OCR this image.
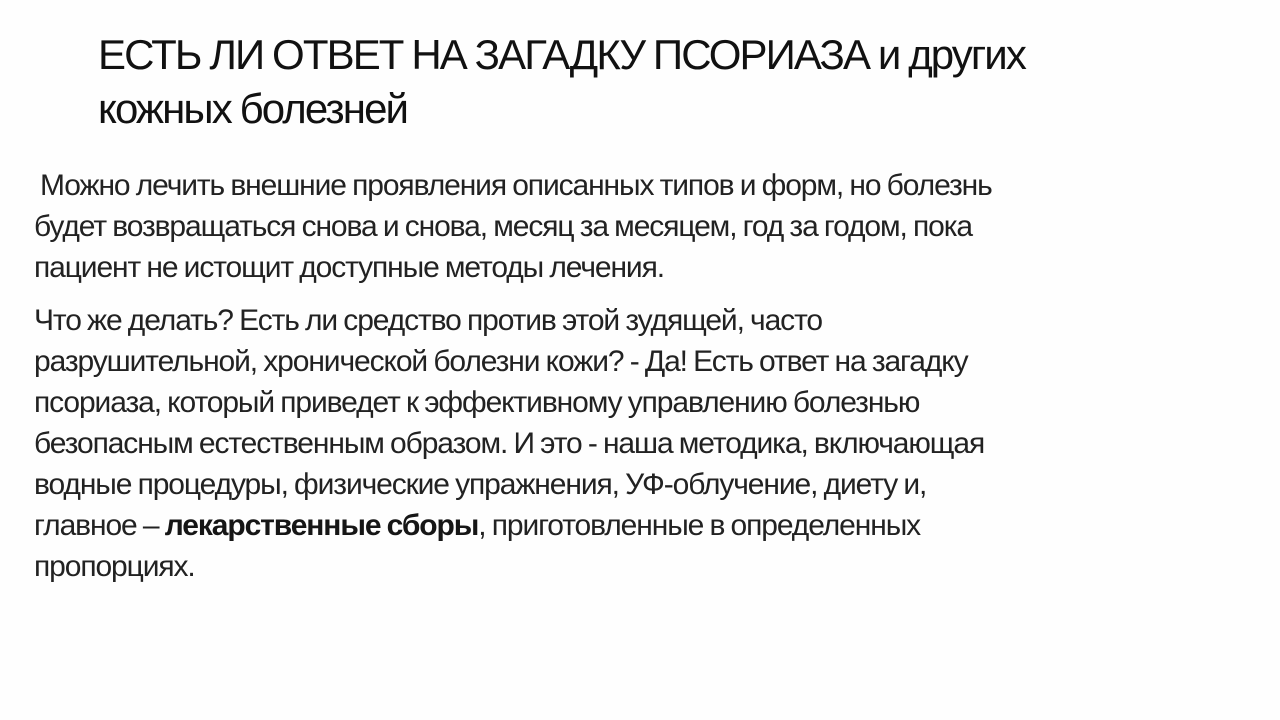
ЕСТЬ ЛИ ОТВЕТ НА ЗАГАДКУ ПСОРИАЗА и других
кожных болезней

Можно лечить внешние проявления описанных типов и форм, но болезнь
будет возвращаться снова и снова, месяц за месяцем, год за годом, пока
пациент не истощит доступные методы лечения.

Что же делать? Есть ли средство против этой зудящей, часто
разрушительной, хронической болезни кожи? - Да! Есть ответ на загадку
псориаза, который приведет к эффективному управлению болезнью
безопасным естественным образом. И это - наша методика, включающая
водные процедуры, физические упражнения, УФ-облучение, диету и,
главное – лекарственные сборы, приготовленные в определенных
пропорциях.
